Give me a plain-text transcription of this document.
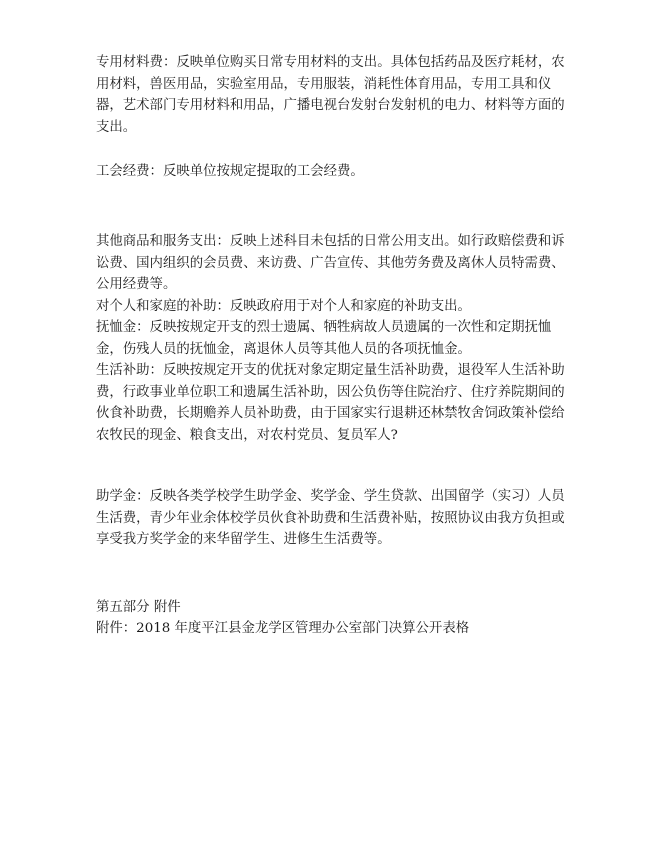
专用材料费：反映单位购买日常专用材料的支出。具体包括药品及医疗耗材，农用材料，兽医用品，实验室用品，专用服装，消耗性体育用品，专用工具和仪器，艺术部门专用材料和用品，广播电视台发射台发射机的电力、材料等方面的支出。

工会经费：反映单位按规定提取的工会经费。

其他商品和服务支出：反映上述科目未包括的日常公用支出。如行政赔偿费和诉讼费、国内组织的会员费、来访费、广告宣传、其他劳务费及离休人员特需费、公用经费等。

对个人和家庭的补助：反映政府用于对个人和家庭的补助支出。

抚恤金：反映按规定开支的烈士遗属、牺牲病故人员遗属的一次性和定期抚恤金，伤残人员的抚恤金，离退休人员等其他人员的各项抚恤金。

生活补助：反映按规定开支的优抚对象定期定量生活补助费，退役军人生活补助费，行政事业单位职工和遗属生活补助，因公负伤等住院治疗、住疗养院期间的伙食补助费，长期赡养人员补助费，由于国家实行退耕还林禁牧舍饲政策补偿给农牧民的现金、粮食支出，对农村党员、复员军人?

助学金：反映各类学校学生助学金、奖学金、学生贷款、出国留学（实习）人员生活费，青少年业余体校学员伙食补助费和生活费补贴，按照协议由我方负担或享受我方奖学金的来华留学生、进修生生活费等。

第五部分 附件

附件：2018 年度平江县金龙学区管理办公室部门决算公开表格
